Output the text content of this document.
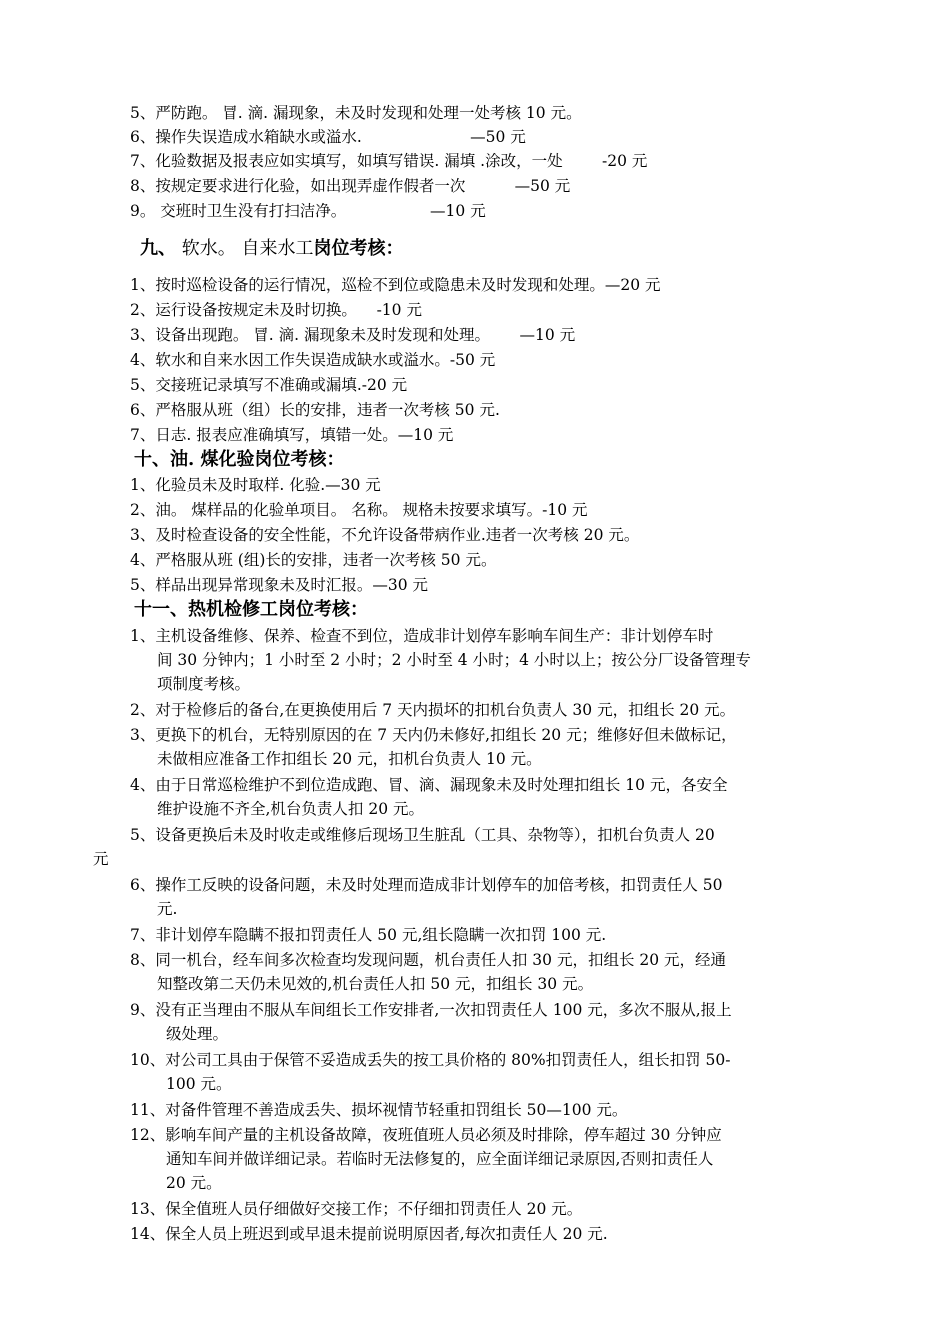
5、严防跑。 冒. 滴. 漏现象，未及时发现和处理一处考核 10 元。
6、操作失误造成水箱缺水或溢水.                      —50 元
7、化验数据及报表应如实填写，如填写错误. 漏填 .涂改，一处        -20 元
8、按规定要求进行化验，如出现弄虚作假者一次          —50 元
9。 交班时卫生没有打扫洁净。                 —10 元
九、 软水。 自来水工岗位考核：
1、按时巡检设备的运行情况，巡检不到位或隐患未及时发现和处理。—20 元
2、运行设备按规定未及时切换。    -10 元
3、设备出现跑。 冒. 滴. 漏现象未及时发现和处理。      —10 元
4、软水和自来水因工作失误造成缺水或溢水。-50 元
5、交接班记录填写不准确或漏填.-20 元
6、严格服从班（组）长的安排，违者一次考核 50 元.
7、日志. 报表应准确填写，填错一处。—10 元
十、油. 煤化验岗位考核：
1、化验员未及时取样. 化验.—30 元
2、油。 煤样品的化验单项目。 名称。 规格未按要求填写。-10 元
3、及时检查设备的安全性能，不允许设备带病作业.违者一次考核 20 元。
4、严格服从班 (组)长的安排，违者一次考核 50 元。
5、样品出现异常现象未及时汇报。—30 元
十一、热机检修工岗位考核：
1、主机设备维修、保养、检查不到位，造成非计划停车影响车间生产：非计划停车时
间 30 分钟内；1 小时至 2 小时；2 小时至 4 小时；4 小时以上；按公分厂设备管理专
项制度考核。
2、对于检修后的备台,在更换使用后 7 天内损坏的扣机台负责人 30 元，扣组长 20 元。
3、更换下的机台，无特别原因的在 7 天内仍未修好,扣组长 20 元；维修好但未做标记，
未做相应准备工作扣组长 20 元，扣机台负责人 10 元。
4、由于日常巡检维护不到位造成跑、冒、滴、漏现象未及时处理扣组长 10 元，各安全
维护设施不齐全,机台负责人扣 20 元。
5、设备更换后未及时收走或维修后现场卫生脏乱（工具、杂物等），扣机台负责人 20
元
6、操作工反映的设备问题，未及时处理而造成非计划停车的加倍考核，扣罚责任人 50
元.
7、非计划停车隐瞒不报扣罚责任人 50 元,组长隐瞒一次扣罚 100 元.
8、同一机台，经车间多次检查均发现问题，机台责任人扣 30 元，扣组长 20 元，经通
知整改第二天仍未见效的,机台责任人扣 50 元，扣组长 30 元。
9、没有正当理由不服从车间组长工作安排者,一次扣罚责任人 100 元，多次不服从,报上
级处理。
10、对公司工具由于保管不妥造成丢失的按工具价格的 80%扣罚责任人，组长扣罚 50-
100 元。
11、对备件管理不善造成丢失、损坏视情节轻重扣罚组长 50—100 元。
12、影响车间产量的主机设备故障，夜班值班人员必须及时排除，停车超过 30 分钟应
通知车间并做详细记录。若临时无法修复的，应全面详细记录原因,否则扣责任人
20 元。
13、保全值班人员仔细做好交接工作；不仔细扣罚责任人 20 元。
14、保全人员上班迟到或早退未提前说明原因者,每次扣责任人 20 元.
